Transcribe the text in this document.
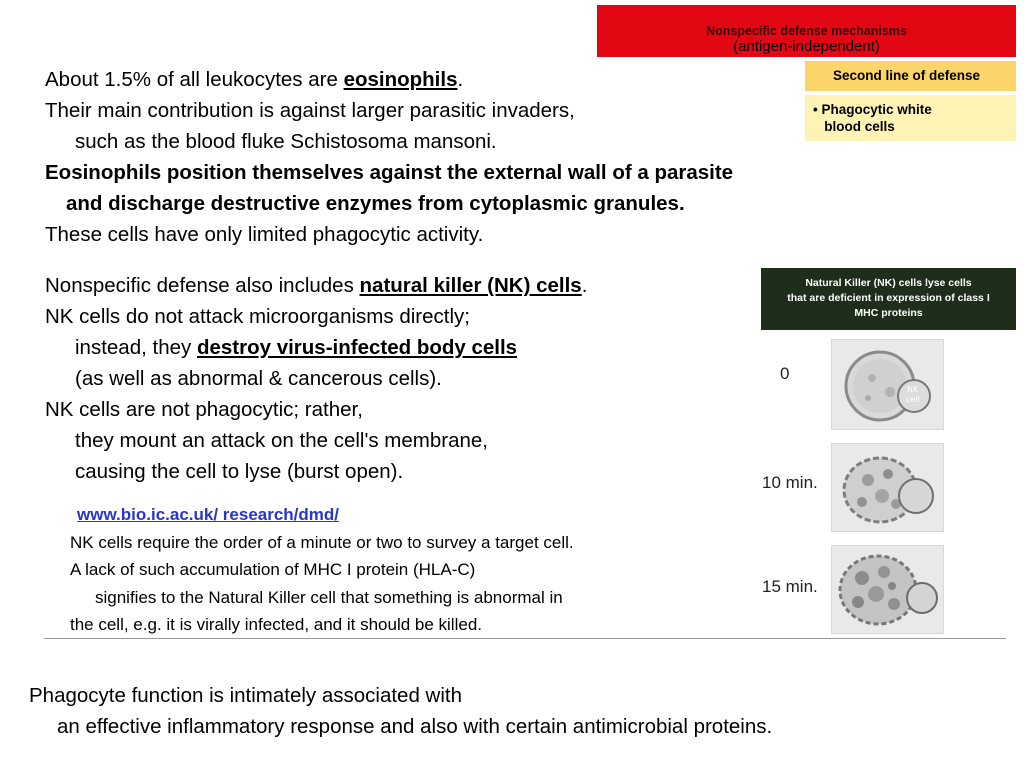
Nonspecific defense mechanisms
(antigen-independent)
Second line of defense
• Phagocytic white
blood cells
About 1.5% of all leukocytes are eosinophils.
Their main contribution is against larger parasitic invaders,
such as the blood fluke Schistosoma mansoni.
Eosinophils position themselves against the external wall of a parasite
and discharge destructive enzymes from cytoplasmic granules.
These cells have only limited phagocytic activity.
Nonspecific defense also includes natural killer (NK) cells.
NK cells do not attack microorganisms directly;
instead, they destroy virus-infected body cells
(as well as abnormal & cancerous cells).
NK cells are not phagocytic; rather,
they mount an attack on the cell's membrane,
causing the cell to lyse (burst open).
Natural Killer (NK) cells lyse cells
that are deficient in expression of class I
MHC proteins
0
10 min.
15 min.
NK
cell
www.bio.ic.ac.uk/ research/dmd/
NK cells require the order of a minute or two to survey a target cell.
A lack of such accumulation of MHC I protein (HLA-C)
signifies to the Natural Killer cell that something is abnormal in
the cell, e.g. it is virally infected, and it should be killed.
Phagocyte function is intimately associated with
an effective inflammatory response and also with certain antimicrobial proteins.
